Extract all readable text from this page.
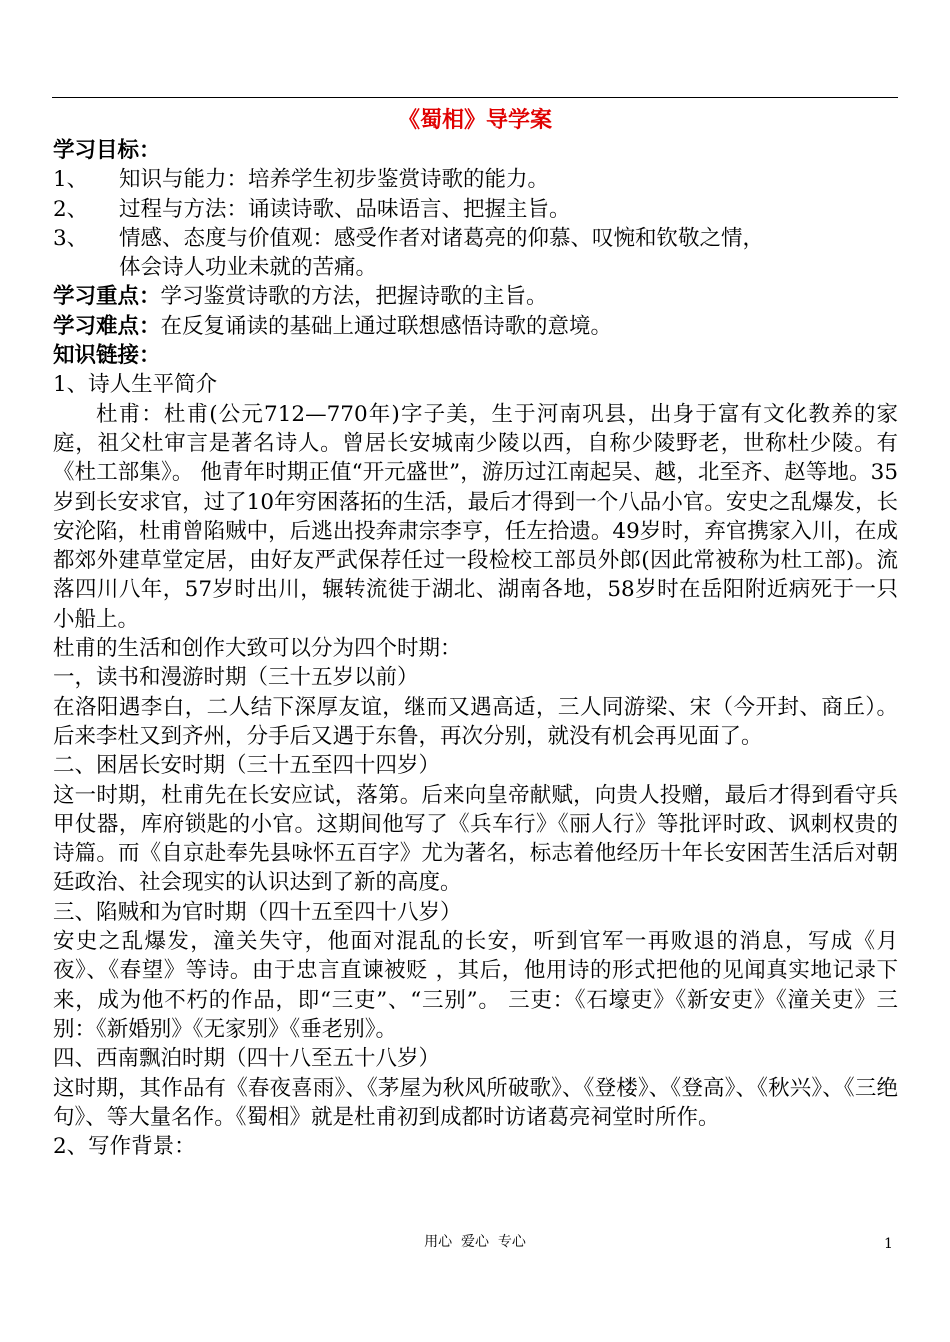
《蜀相》导学案

学习目标：

1、 知识与能力：培养学生初步鉴赏诗歌的能力。

2、 过程与方法：诵读诗歌、品味语言、把握主旨。

3、 情感、态度与价值观：感受作者对诸葛亮的仰慕、叹惋和钦敬之情，

体会诗人功业未就的苦痛。

学习重点：学习鉴赏诗歌的方法，把握诗歌的主旨。

学习难点：在反复诵读的基础上通过联想感悟诗歌的意境。

知识链接：

1、诗人生平简介

杜甫：杜甫(公元712—770年)字子美，生于河南巩县，出身于富有文化教养的家庭，祖父杜审言是著名诗人。曾居长安城南少陵以西，自称少陵野老，世称杜少陵。有《杜工部集》。 他青年时期正值“开元盛世”，游历过江南起吴、越，北至齐、赵等地。35岁到长安求官，过了10年穷困落拓的生活，最后才得到一个八品小官。安史之乱爆发，长安沦陷，杜甫曾陷贼中，后逃出投奔肃宗李亨，任左拾遗。49岁时，弃官携家入川，在成都郊外建草堂定居，由好友严武保荐任过一段检校工部员外郎(因此常被称为杜工部)。流落四川八年，57岁时出川，辗转流徙于湖北、湖南各地，58岁时在岳阳附近病死于一只小船上。

杜甫的生活和创作大致可以分为四个时期：

一，读书和漫游时期（三十五岁以前）

在洛阳遇李白，二人结下深厚友谊，继而又遇高适，三人同游梁、宋（今开封、商丘）。后来李杜又到齐州，分手后又遇于东鲁，再次分别，就没有机会再见面了。

二、困居长安时期（三十五至四十四岁）

这一时期，杜甫先在长安应试，落第。后来向皇帝献赋，向贵人投赠，最后才得到看守兵甲仗器，库府锁匙的小官。这期间他写了《兵车行》《丽人行》等批评时政、讽刺权贵的诗篇。而《自京赴奉先县咏怀五百字》尤为著名，标志着他经历十年长安困苦生活后对朝廷政治、社会现实的认识达到了新的高度。

三、陷贼和为官时期（四十五至四十八岁）

安史之乱爆发，潼关失守，他面对混乱的长安，听到官军一再败退的消息，写成《月夜》、《春望》等诗。由于忠言直谏被贬 ，其后，他用诗的形式把他的见闻真实地记录下来，成为他不朽的作品，即“三吏”、“三别”。 三吏：《石壕吏》《新安吏》《潼关吏》三别：《新婚别》《无家别》《垂老别》。

四、西南飘泊时期（四十八至五十八岁）

这时期，其作品有《春夜喜雨》、《茅屋为秋风所破歌》、《登楼》、《登高》、《秋兴》、《三绝句》、等大量名作。《蜀相》就是杜甫初到成都时访诸葛亮祠堂时所作。

2、写作背景：

用心  爱心  专心	1
